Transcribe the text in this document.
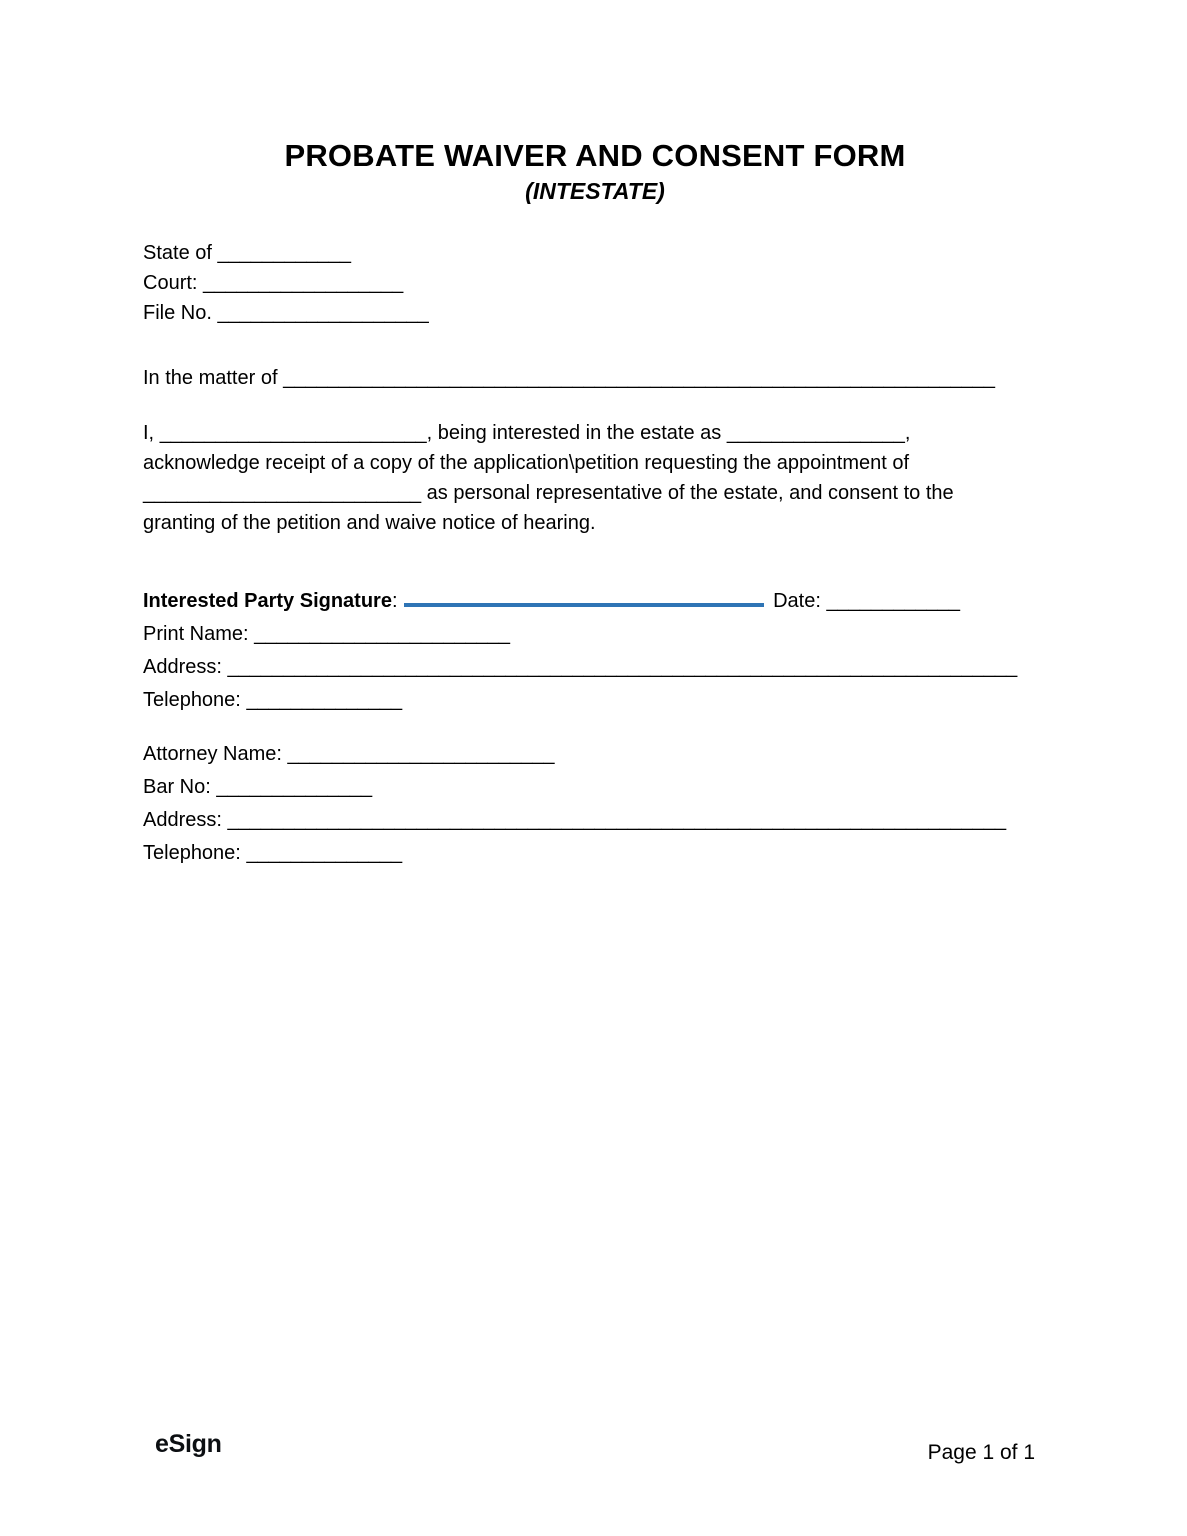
PROBATE WAIVER AND CONSENT FORM
(INTESTATE)
State of ____________
Court: __________________
File No. ___________________
In the matter of ________________________________________________________________
I, ________________________, being interested in the estate as ________________,
acknowledge receipt of a copy of the application\petition requesting the appointment of
_________________________ as personal representative of the estate, and consent to the
granting of the petition and waive notice of hearing.
Interested Party Signature:	Date: ____________
Print Name: _______________________
Address: _______________________________________________________________________
Telephone: ______________
Attorney Name: ________________________
Bar No: ______________
Address: ______________________________________________________________________
Telephone: ______________
eSign	Page 1 of 1
